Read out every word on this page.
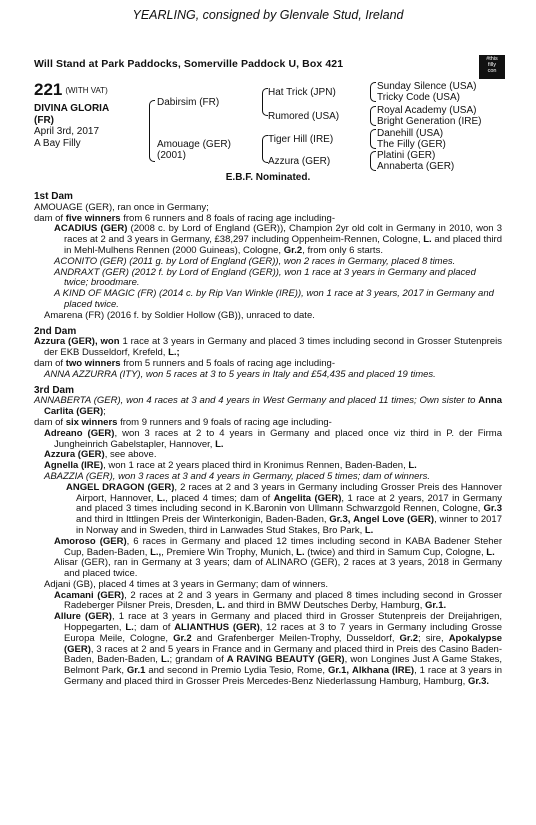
YEARLING, consigned by Glenvale Stud, Ireland
Will Stand at Park Paddocks, Somerville Paddock U, Box 421	#this
filly
con
221 (WITH VAT)
DIVINA GLORIA
(FR)
April 3rd, 2017
A Bay Filly
Dabirsim (FR)
Amouage (GER)
(2001)
Hat Trick (JPN)
Rumored (USA)
Tiger Hill (IRE)
Azzura (GER)
Sunday Silence (USA)
Tricky Code (USA)
Royal Academy (USA)
Bright Generation (IRE)
Danehill (USA)
The Filly (GER)
Platini (GER)
Annaberta (GER)
E.B.F. Nominated.

1st Dam

AMOUAGE (GER), ran once in Germany;

dam of five winners from 6 runners and 8 foals of racing age including-

ACADIUS (GER) (2008 c. by Lord of England (GER)), Champion 2yr old colt in Germany in 2010, won 3 races at 2 and 3 years in Germany, £38,297 including Oppenheim-Rennen, Cologne, L. and placed third in Mehl-Mulhens Rennen (2000 Guineas), Cologne, Gr.2, from only 6 starts.

ACONITO (GER) (2011 g. by Lord of England (GER)), won 2 races in Germany, placed 8 times.

ANDRAXT (GER) (2012 f. by Lord of England (GER)), won 1 race at 3 years in Germany and placed twice; broodmare.

A KIND OF MAGIC (FR) (2014 c. by Rip Van Winkle (IRE)), won 1 race at 3 years, 2017 in Germany and placed twice.

Amarena (FR) (2016 f. by Soldier Hollow (GB)), unraced to date.

2nd Dam

Azzura (GER), won 1 race at 3 years in Germany and placed 3 times including second in Grosser Stutenpreis der EKB Dusseldorf, Krefeld, L.;

dam of two winners from 5 runners and 5 foals of racing age including-

ANNA AZZURRA (ITY), won 5 races at 3 to 5 years in Italy and £54,435 and placed 19 times.

3rd Dam

ANNABERTA (GER), won 4 races at 3 and 4 years in West Germany and placed 11 times; Own sister to Anna Carlita (GER);

dam of six winners from 9 runners and 9 foals of racing age including-

Adreano (GER), won 3 races at 2 to 4 years in Germany and placed once viz third in P. der Firma Jungheinrich Gabelstapler, Hannover, L.

Azzura (GER), see above.

Agnella (IRE), won 1 race at 2 years placed third in Kronimus Rennen, Baden-Baden, L.

ABAZZIA (GER), won 3 races at 3 and 4 years in Germany, placed 5 times; dam of winners.

ANGEL DRAGON (GER), 2 races at 2 and 3 years in Germany including Grosser Preis des Hannover Airport, Hannover, L., placed 4 times; dam of Angelita (GER), 1 race at 2 years, 2017 in Germany and placed 3 times including second in K.Baronin von Ullmann Schwarzgold Rennen, Cologne, Gr.3 and third in Ittlingen Preis der Winterkonigin, Baden-Baden, Gr.3, Angel Love (GER), winner to 2017 in Norway and in Sweden, third in Lanwades Stud Stakes, Bro Park, L.

Amoroso (GER), 6 races in Germany and placed 12 times including second in KABA Badener Steher Cup, Baden-Baden, L.,, Premiere Win Trophy, Munich, L. (twice) and third in Samum Cup, Cologne, L.

Alisar (GER), ran in Germany at 3 years; dam of ALINARO (GER), 2 races at 3 years, 2018 in Germany and placed twice.

Adjani (GB), placed 4 times at 3 years in Germany; dam of winners.

Acamani (GER), 2 races at 2 and 3 years in Germany and placed 8 times including second in Grosser Radeberger Pilsner Preis, Dresden, L. and third in BMW Deutsches Derby, Hamburg, Gr.1.

Allure (GER), 1 race at 3 years in Germany and placed third in Grosser Stutenpreis der Dreijahrigen, Hoppegarten, L.; dam of ALIANTHUS (GER), 12 races at 3 to 7 years in Germany including Grosse Europa Meile, Cologne, Gr.2 and Grafenberger Meilen-Trophy, Dusseldorf, Gr.2; sire, Apokalypse (GER), 3 races at 2 and 5 years in France and in Germany and placed third in Preis des Casino Baden-Baden, Baden-Baden, L.; grandam of A RAVING BEAUTY (GER), won Longines Just A Game Stakes, Belmont Park, Gr.1 and second in Premio Lydia Tesio, Rome, Gr.1, Alkhana (IRE), 1 race at 3 years in Germany and placed third in Grosser Preis Mercedes-Benz Niederlassung Hamburg, Hamburg, Gr.3.
